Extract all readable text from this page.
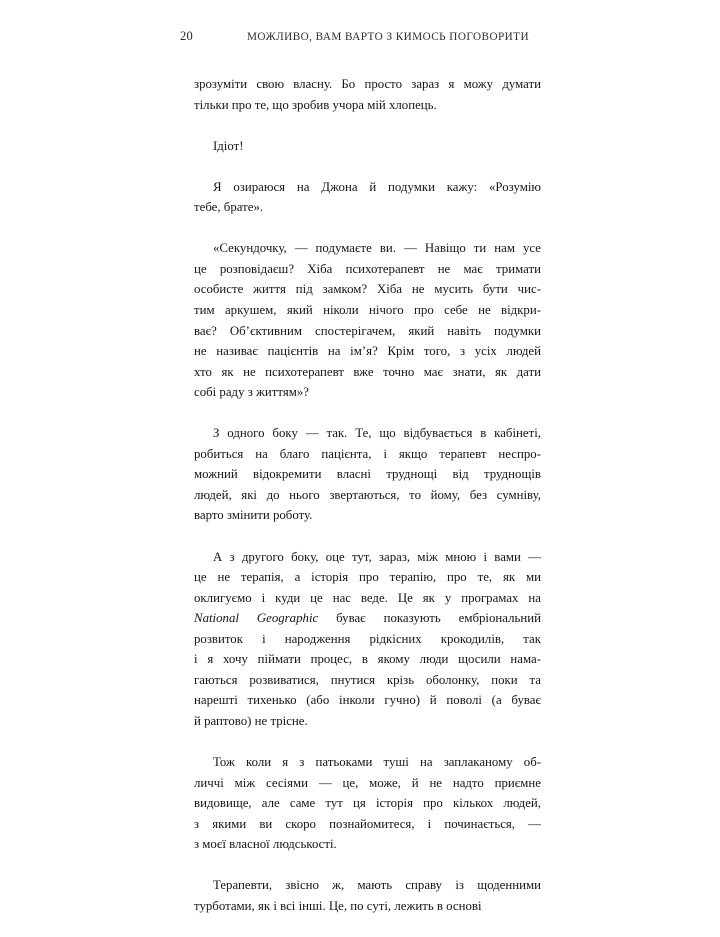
20	МОЖЛИВО, ВАМ ВАРТО З КИМОСЬ ПОГОВОРИТИ

зрозуміти свою власну. Бо просто зараз я можу думати
тільки про те, що зробив учора мій хлопець.

Ідіот!

Я озираюся на Джона й подумки кажу: «Розумію
тебе, брате».

«Секундочку, — подумаєте ви. — Навіщо ти нам усе
це розповідаєш? Хіба психотерапевт не має тримати
особисте життя під замком? Хіба не мусить бути чис-
тим аркушем, який ніколи нічого про себе не відкри-
ває? Об’єктивним спостерігачем, який навіть подумки
не називає пацієнтів на ім’я? Крім того, з усіх людей
хто як не психотерапевт вже точно має знати, як дати
собі раду з життям»?

З одного боку — так. Те, що відбувається в кабінеті,
робиться на благо пацієнта, і якщо терапевт неспро-
можний відокремити власні труднощі від труднощів
людей, які до нього звертаються, то йому, без сумніву,
варто змінити роботу.

А з другого боку, оце тут, зараз, між мною і вами —
це не терапія, а історія про терапію, про те, як ми
оклигуємо і куди це нас веде. Це як у програмах на
National Geographic буває показують ембріональний
розвиток і народження рідкісних крокодилів, так
і я хочу піймати процес, в якому люди щосили нама-
гаються розвиватися, пнутися крізь оболонку, поки та
нарешті тихенько (або інколи гучно) й поволі (а буває
й раптово) не трісне.

Тож коли я з патьоками туші на заплаканому об-
личчі між сесіями — це, може, й не надто приємне
видовище, але саме тут ця історія про кількох людей,
з якими ви скоро познайомитеся, і починається, —
з моєї власної людськості.

Терапевти, звісно ж, мають справу із щоденними
турботами, як і всі інші. Це, по суті, лежить в основі
